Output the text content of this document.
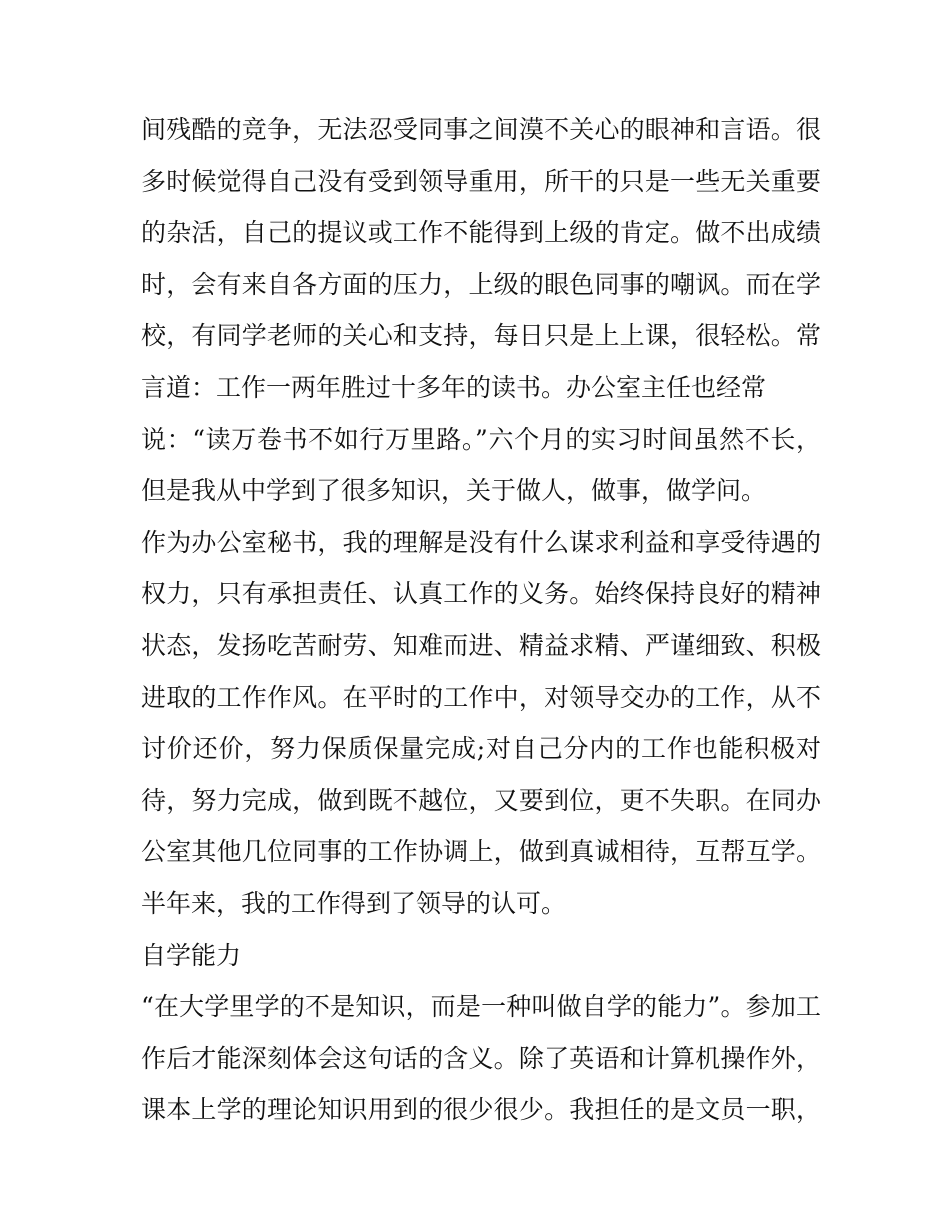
间残酷的竞争，无法忍受同事之间漠不关心的眼神和言语。很
多时候觉得自己没有受到领导重用，所干的只是一些无关重要
的杂活，自己的提议或工作不能得到上级的肯定。做不出成绩
时，会有来自各方面的压力，上级的眼色同事的嘲讽。而在学
校，有同学老师的关心和支持，每日只是上上课，很轻松。常
言道：工作一两年胜过十多年的读书。办公室主任也经常
说：“读万卷书不如行万里路。”六个月的实习时间虽然不长，
但是我从中学到了很多知识，关于做人，做事，做学问。
作为办公室秘书，我的理解是没有什么谋求利益和享受待遇的
权力，只有承担责任、认真工作的义务。始终保持良好的精神
状态，发扬吃苦耐劳、知难而进、精益求精、严谨细致、积极
进取的工作作风。在平时的工作中，对领导交办的工作，从不
讨价还价，努力保质保量完成;对自己分内的工作也能积极对
待，努力完成，做到既不越位，又要到位，更不失职。在同办
公室其他几位同事的工作协调上，做到真诚相待，互帮互学。
半年来，我的工作得到了领导的认可。
自学能力
“在大学里学的不是知识，而是一种叫做自学的能力”。参加工
作后才能深刻体会这句话的含义。除了英语和计算机操作外，
课本上学的理论知识用到的很少很少。我担任的是文员一职，
